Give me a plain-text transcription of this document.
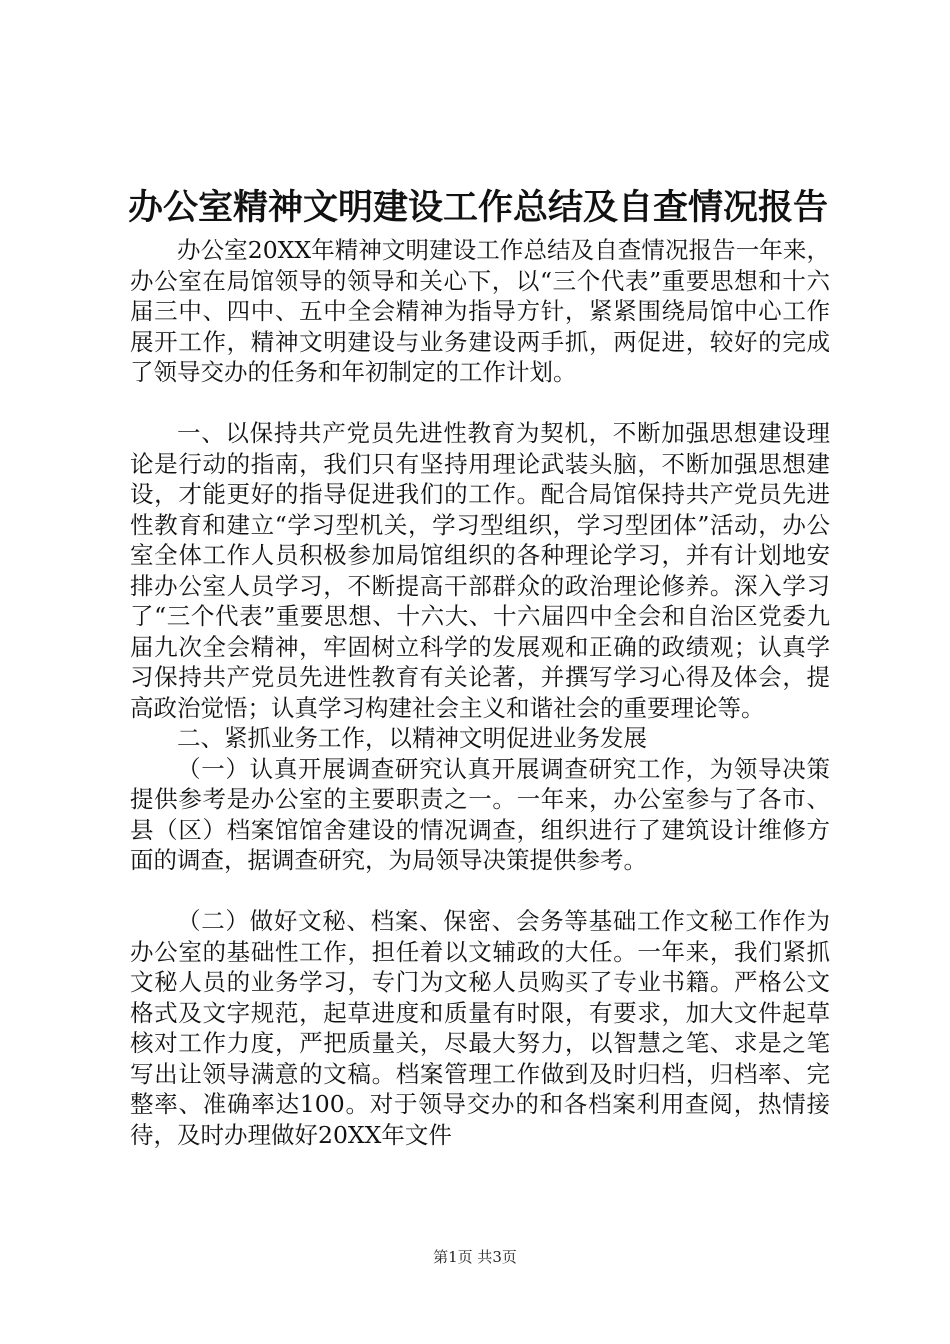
办公室精神文明建设工作总结及自查情况报告

办公室20XX年精神文明建设工作总结及自查情况报告一年来，办公室在局馆领导的领导和关心下，以“三个代表”重要思想和十六届三中、四中、五中全会精神为指导方针，紧紧围绕局馆中心工作展开工作，精神文明建设与业务建设两手抓，两促进，较好的完成了领导交办的任务和年初制定的工作计划。

一、以保持共产党员先进性教育为契机，不断加强思想建设理论是行动的指南，我们只有坚持用理论武装头脑，不断加强思想建设，才能更好的指导促进我们的工作。配合局馆保持共产党员先进性教育和建立“学习型机关，学习型组织，学习型团体”活动，办公室全体工作人员积极参加局馆组织的各种理论学习，并有计划地安排办公室人员学习，不断提高干部群众的政治理论修养。深入学习了“三个代表”重要思想、十六大、十六届四中全会和自治区党委九届九次全会精神，牢固树立科学的发展观和正确的政绩观；认真学习保持共产党员先进性教育有关论著，并撰写学习心得及体会，提高政治觉悟；认真学习构建社会主义和谐社会的重要理论等。

二、紧抓业务工作，以精神文明促进业务发展

（一）认真开展调查研究认真开展调查研究工作，为领导决策提供参考是办公室的主要职责之一。一年来，办公室参与了各市、县（区）档案馆馆舍建设的情况调查，组织进行了建筑设计维修方面的调查，据调查研究，为局领导决策提供参考。

（二）做好文秘、档案、保密、会务等基础工作文秘工作作为办公室的基础性工作，担任着以文辅政的大任。一年来，我们紧抓文秘人员的业务学习，专门为文秘人员购买了专业书籍。严格公文格式及文字规范，起草进度和质量有时限，有要求，加大文件起草核对工作力度，严把质量关，尽最大努力，以智慧之笔、求是之笔写出让领导满意的文稿。档案管理工作做到及时归档，归档率、完整率、准确率达100。对于领导交办的和各档案利用查阅，热情接待，及时办理做好20XX年文件

第1页 共3页
